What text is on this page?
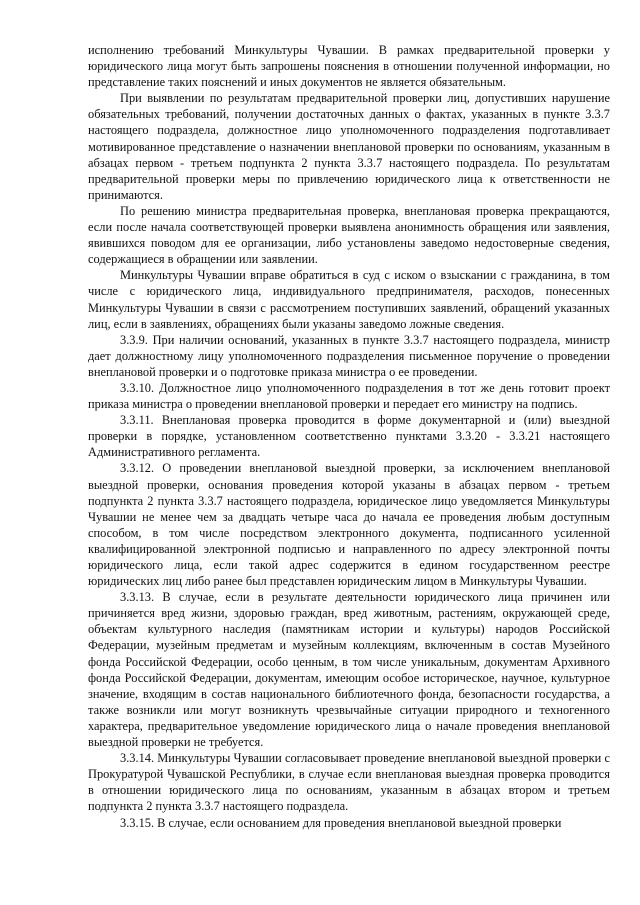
исполнению требований Минкультуры Чувашии. В рамках предварительной проверки у юридического лица могут быть запрошены пояснения в отношении полученной информации, но представление таких пояснений и иных документов не является обязательным.

При выявлении по результатам предварительной проверки лиц, допустивших нарушение обязательных требований, получении достаточных данных о фактах, указанных в пункте 3.3.7 настоящего подраздела, должностное лицо уполномоченного подразделения подготавливает мотивированное представление о назначении внеплановой проверки по основаниям, указанным в абзацах первом - третьем подпункта 2 пункта 3.3.7 настоящего подраздела. По результатам предварительной проверки меры по привлечению юридического лица к ответственности не принимаются.

По решению министра предварительная проверка, внеплановая проверка прекращаются, если после начала соответствующей проверки выявлена анонимность обращения или заявления, явившихся поводом для ее организации, либо установлены заведомо недостоверные сведения, содержащиеся в обращении или заявлении.

Минкультуры Чувашии вправе обратиться в суд с иском о взыскании с гражданина, в том числе с юридического лица, индивидуального предпринимателя, расходов, понесенных Минкультуры Чувашии в связи с рассмотрением поступивших заявлений, обращений указанных лиц, если в заявлениях, обращениях были указаны заведомо ложные сведения.

3.3.9. При наличии оснований, указанных в пункте 3.3.7 настоящего подраздела, министр дает должностному лицу уполномоченного подразделения письменное поручение о проведении внеплановой проверки и о подготовке приказа министра о ее проведении.

3.3.10. Должностное лицо уполномоченного подразделения в тот же день готовит проект приказа министра о проведении внеплановой проверки и передает его министру на подпись.

3.3.11. Внеплановая проверка проводится в форме документарной и (или) выездной проверки в порядке, установленном соответственно пунктами 3.3.20 - 3.3.21 настоящего Административного регламента.

3.3.12. О проведении внеплановой выездной проверки, за исключением внеплановой выездной проверки, основания проведения которой указаны в абзацах первом - третьем подпункта 2 пункта 3.3.7 настоящего подраздела, юридическое лицо уведомляется Минкультуры Чувашии не менее чем за двадцать четыре часа до начала ее проведения любым доступным способом, в том числе посредством электронного документа, подписанного усиленной квалифицированной электронной подписью и направленного по адресу электронной почты юридического лица, если такой адрес содержится в едином государственном реестре юридических лиц либо ранее был представлен юридическим лицом в Минкультуры Чувашии.

3.3.13. В случае, если в результате деятельности юридического лица причинен или причиняется вред жизни, здоровью граждан, вред животным, растениям, окружающей среде, объектам культурного наследия (памятникам истории и культуры) народов Российской Федерации, музейным предметам и музейным коллекциям, включенным в состав Музейного фонда Российской Федерации, особо ценным, в том числе уникальным, документам Архивного фонда Российской Федерации, документам, имеющим особое историческое, научное, культурное значение, входящим в состав национального библиотечного фонда, безопасности государства, а также возникли или могут возникнуть чрезвычайные ситуации природного и техногенного характера, предварительное уведомление юридического лица о начале проведения внеплановой выездной проверки не требуется.

3.3.14. Минкультуры Чувашии согласовывает проведение внеплановой выездной проверки с Прокуратурой Чувашской Республики, в случае если внеплановая выездная проверка проводится в отношении юридического лица по основаниям, указанным в абзацах втором и третьем подпункта 2 пункта 3.3.7 настоящего подраздела.

3.3.15. В случае, если основанием для проведения внеплановой выездной проверки
